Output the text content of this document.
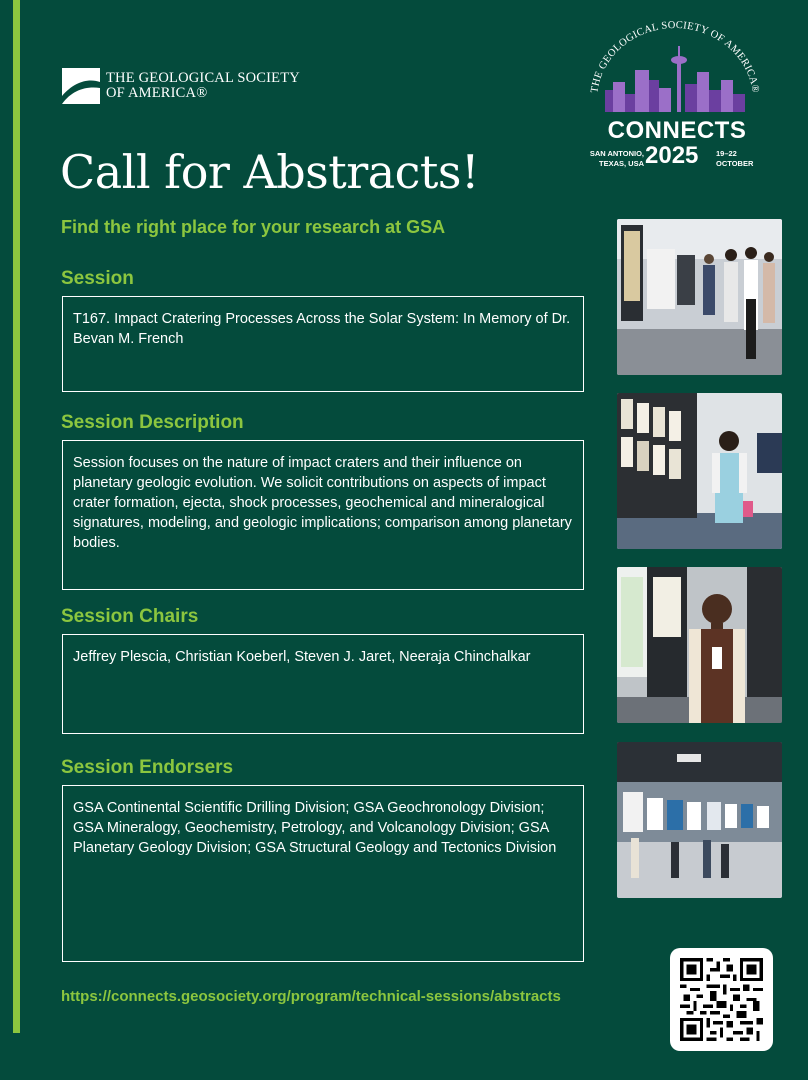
THE GEOLOGICAL SOCIETY
OF AMERICA®	THE GEOLOGICAL SOCIETY OF AMERICA®
CONNECTS
SAN ANTONIO,
TEXAS, USA 2025 19–22
OCTOBER
Call for Abstracts!
Find the right place for your research at GSA
Session
T167. Impact Cratering Processes Across the Solar System: In Memory of Dr. Bevan M. French
Session Description
Session focuses on the nature of impact craters and their influence on planetary geologic evolution. We solicit contributions on aspects of impact crater formation, ejecta, shock processes, geochemical and mineralogical signatures, modeling, and geologic implications; comparison among planetary bodies.
Session Chairs
Jeffrey Plescia, Christian Koeberl, Steven J. Jaret, Neeraja Chinchalkar
Session Endorsers
GSA Continental Scientific Drilling Division; GSA Geochronology Division; GSA Mineralogy, Geochemistry, Petrology, and Volcanology Division; GSA Planetary Geology Division; GSA Structural Geology and Tectonics Division
https://connects.geosociety.org/program/technical-sessions/abstracts
